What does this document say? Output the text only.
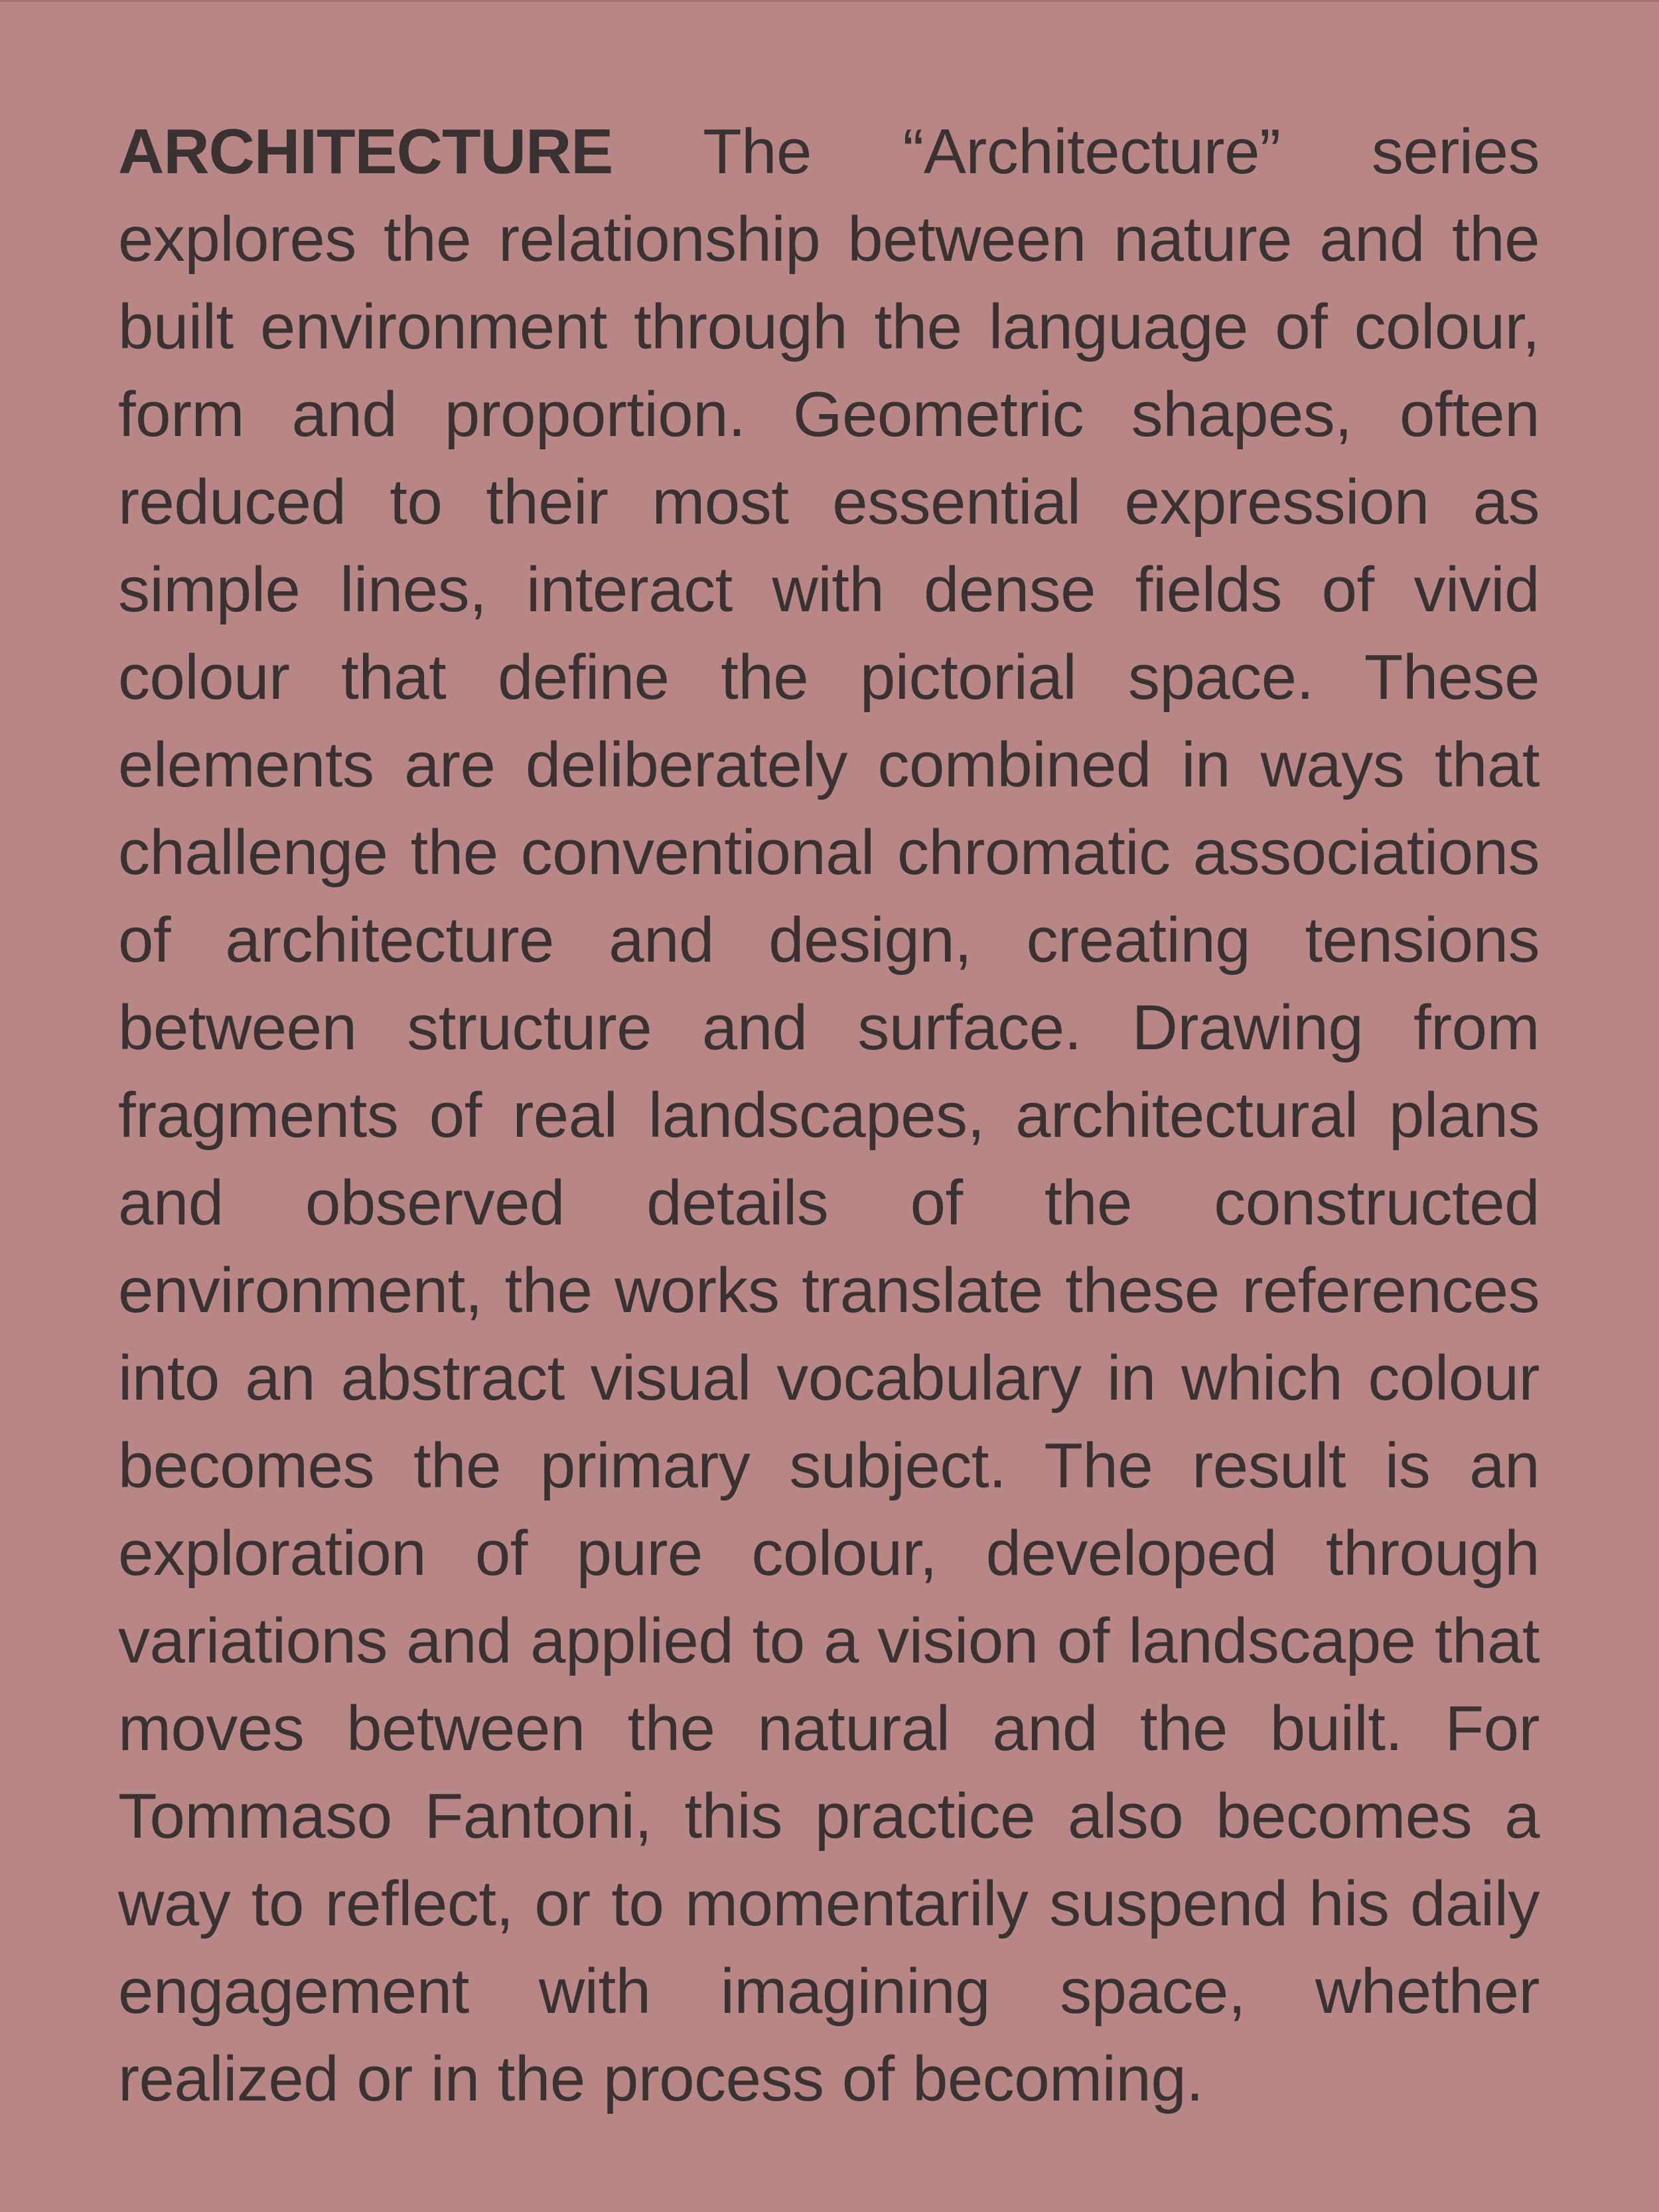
ARCHITECTURE The “Architecture” series explores the relationship between nature and the built environment through the language of colour, form and proportion. Geometric shapes, often reduced to their most essential expression as simple lines, interact with dense fields of vivid colour that define the pictorial space. These elements are deliberately combined in ways that challenge the conventional chromatic associations of architecture and design, creating tensions between structure and surface. Drawing from fragments of real landscapes, architectural plans and observed details of the constructed environment, the works translate these references into an abstract visual vocabulary in which colour becomes the primary subject. The result is an exploration of pure colour, developed through variations and applied to a vision of landscape that moves between the natural and the built. For Tommaso Fantoni, this practice also becomes a way to reflect, or to momentarily suspend his daily engagement with imagining space, whether realized or in the process of becoming.
